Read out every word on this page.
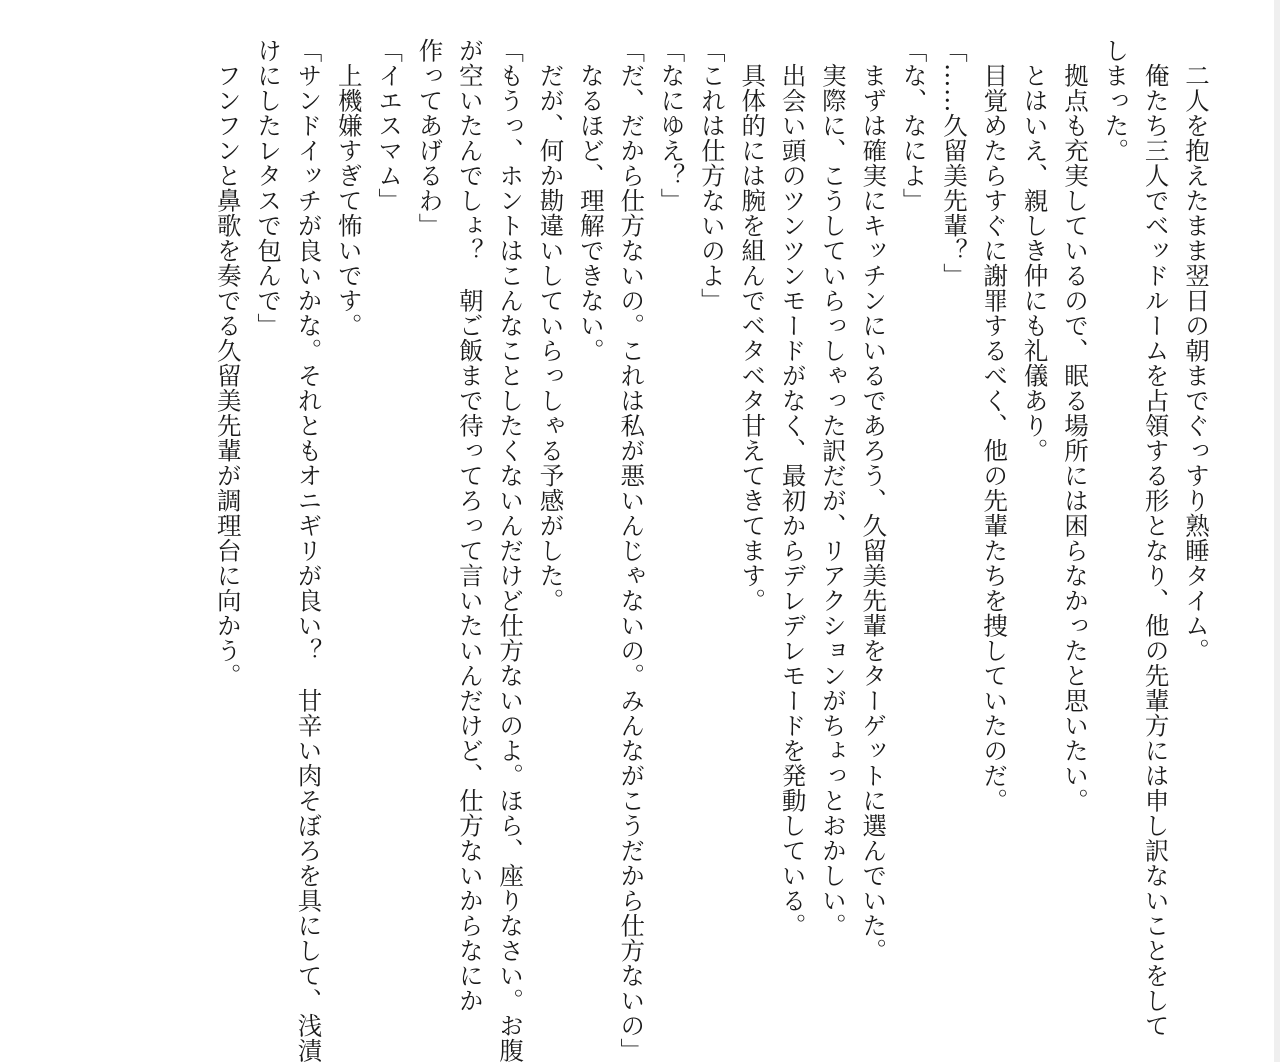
　二人を抱えたまま翌日の朝までぐっすり熟睡タイム。
　俺たち三人でベッドルームを占領する形となり、他の先輩方には申し訳ないことをして
しまった。
　拠点も充実しているので、眠る場所には困らなかったと思いたい。
　とはいえ、親しき仲にも礼儀あり。
　目覚めたらすぐに謝罪するべく、他の先輩たちを捜していたのだ。
「……久留美先輩？」
「な、なによ」
　まずは確実にキッチンにいるであろう、久留美先輩をターゲットに選んでいた。
　実際に、こうしていらっしゃった訳だが、リアクションがちょっとおかしい。
　出会い頭のツンツンモードがなく、最初からデレデレモードを発動している。
　具体的には腕を組んでベタベタ甘えてきてます。
「これは仕方ないのよ」
「なにゆえ？」
「だ、だから仕方ないの。これは私が悪いんじゃないの。みんながこうだから仕方ないの」
　なるほど、理解できない。
　だが、何か勘違いしていらっしゃる予感がした。
「もうっ、ホントはこんなことしたくないんだけど仕方ないのよ。ほら、座りなさい。お腹
が空いたんでしょ？　朝ご飯まで待ってろって言いたいんだけど、仕方ないからなにか
作ってあげるわ」
「イエスマム」
　上機嫌すぎて怖いです。
「サンドイッチが良いかな。それともオニギリが良い？　甘辛い肉そぼろを具にして、浅漬
けにしたレタスで包んで」
　フンフンと鼻歌を奏でる久留美先輩が調理台に向かう。
